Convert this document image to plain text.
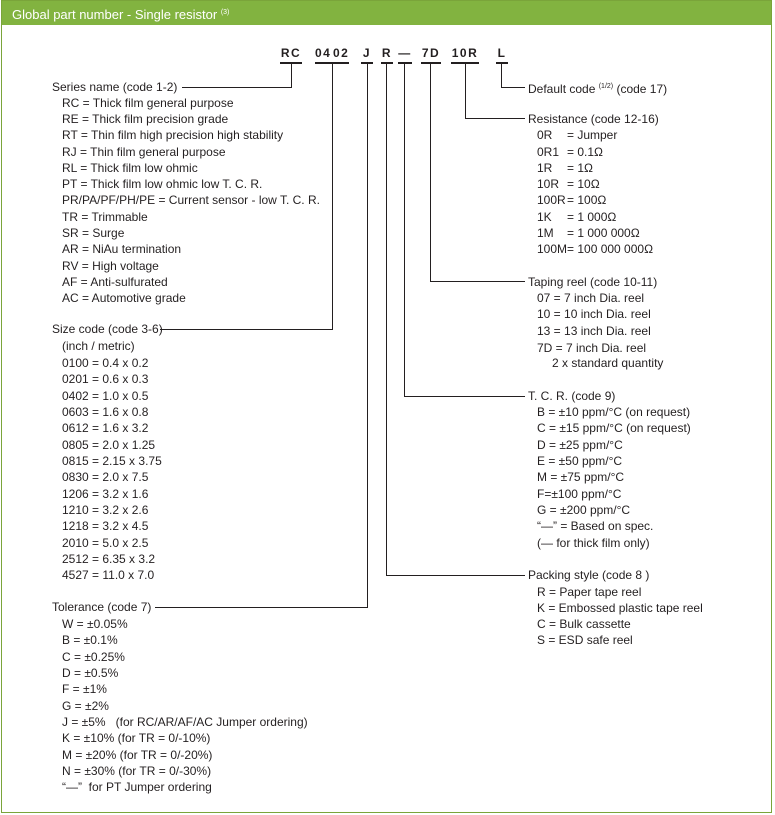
Global part number - Single resistor $^{(3)}$
RC 04 02 J R — 7D 10R L
Default code $^{(1/2)}$ (code 17)
Series name (code 1-2)
RC = Thick film general purpose
RE = Thick film precision grade
RT = Thin film high precision high stability
RJ = Thin film general purpose
RL = Thick film low ohmic
PT = Thick film low ohmic low T. C. R.
PR/PA/PF/PH/PE = Current sensor - low T. C. R.
TR = Trimmable
SR = Surge
AR = NiAu termination
RV = High voltage
AF = Anti-sulfurated
AC = Automotive grade
Size code (code 3-6)
(inch / metric)
0100 = 0.4 x 0.2
0201 = 0.6 x 0.3
0402 = 1.0 x 0.5
0603 = 1.6 x 0.8
0612 = 1.6 x 3.2
0805 = 2.0 x 1.25
0815 = 2.15 x 3.75
0830 = 2.0 x 7.5
1206 = 3.2 x 1.6
1210 = 3.2 x 2.6
1218 = 3.2 x 4.5
2010 = 5.0 x 2.5
2512 = 6.35 x 3.2
4527 = 11.0 x 7.0
Tolerance (code 7)
W = ±0.05%
B = ±0.1%
C = ±0.25%
D = ±0.5%
F = ±1%
G = ±2%
J = ±5%   (for RC/AR/AF/AC Jumper ordering)
K = ±10% (for TR = 0/-10%)
M = ±20% (for TR = 0/-20%)
N = ±30% (for TR = 0/-30%)
“—”  for PT Jumper ordering
Resistance (code 12-16)
0R = Jumper
0R1 = 0.1Ω
1R = 1Ω
10R = 10Ω
100R = 100Ω
1K = 1 000Ω
1M = 1 000 000Ω
100M = 100 000 000Ω
Taping reel (code 10-11)
07 = 7 inch Dia. reel
10 = 10 inch Dia. reel
13 = 13 inch Dia. reel
7D = 7 inch Dia. reel
2 x standard quantity
T. C. R. (code 9)
B = ±10 ppm/°C (on request)
C = ±15 ppm/°C (on request)
D = ±25 ppm/°C
E = ±50 ppm/°C
M = ±75 ppm/°C
F=±100 ppm/°C
G = ±200 ppm/°C
“—” = Based on spec.
(— for thick film only)
Packing style (code 8 )
R = Paper tape reel
K = Embossed plastic tape reel
C = Bulk cassette
S = ESD safe reel
